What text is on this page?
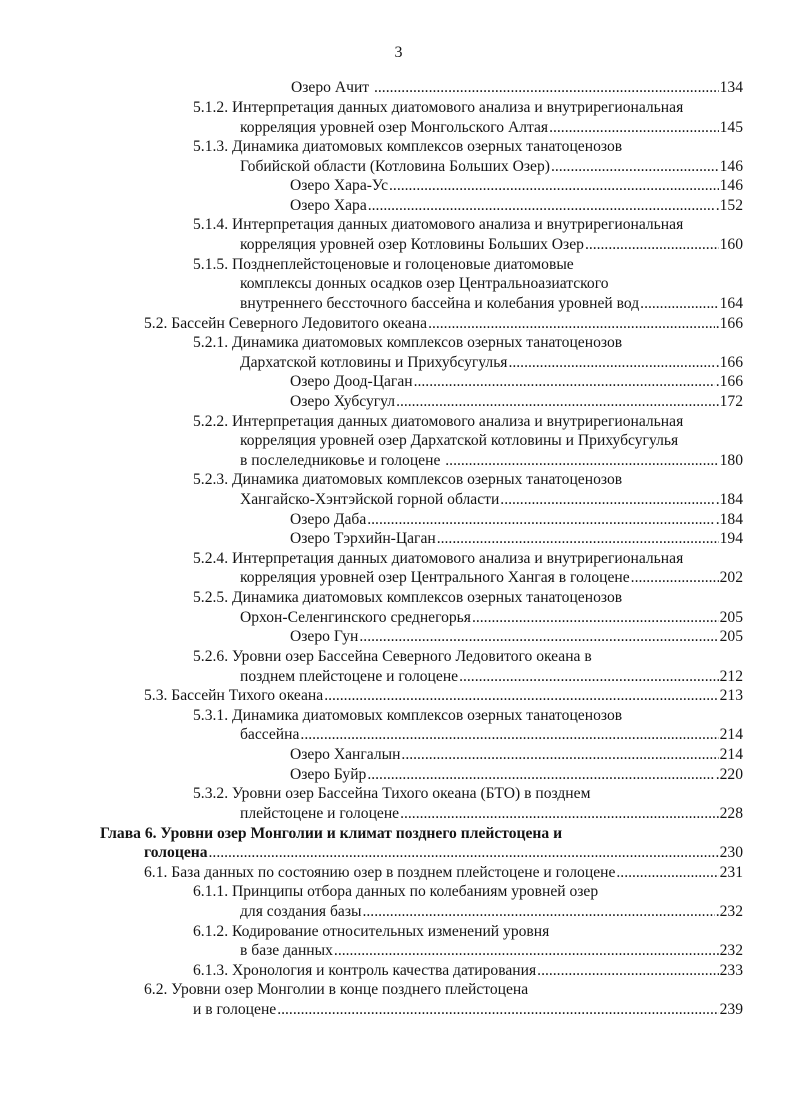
3
Озеро Ачит	134
.....
5.1.2. Интерпретация данных диатомового анализа и внутрирегиональная
корреляция уровней озер Монгольского Алтая	145
.....
5.1.3. Динамика диатомовых комплексов озерных танатоценозов
Гобийской области (Котловина Больших Озер)	146
.....
Озеро Хара-Ус	146
.....
Озеро Хара	.152
.....
5.1.4. Интерпретация данных диатомового анализа и внутрирегиональная
корреляция уровней озер Котловины Больших Озер	160
.....
5.1.5. Позднеплейстоценовые и голоценовые диатомовые
комплексы донных осадков озер Центральноазиатского
внутреннего бессточного бассейна и колебания уровней вод	164
.....
5.2. Бассейн Северного Ледовитого океана	.166
.....
5.2.1. Динамика диатомовых комплексов озерных танатоценозов
Дархатской котловины и Прихубсугулья	.166
.....
Озеро Доод-Цаган	.166
.....
Озеро Хубсугул	.172
.....
5.2.2. Интерпретация данных диатомового анализа и внутрирегиональная
корреляция уровней озер Дархатской котловины и Прихубсугулья
в послеледниковье и голоцене	180
.....
5.2.3. Динамика диатомовых комплексов озерных танатоценозов
Хангайско-Хэнтэйской горной области	.184
.....
Озеро Даба	.184
.....
Озеро Тэрхийн-Цаган	194
.....
5.2.4. Интерпретация данных диатомового анализа и внутрирегиональная
корреляция уровней озер Центрального Хангая в голоцене	202
.....
5.2.5. Динамика диатомовых комплексов озерных танатоценозов
Орхон-Селенгинского среднегорья	205
.....
Озеро Гун	205
.....
5.2.6. Уровни озер Бассейна Северного Ледовитого океана в
позднем плейстоцене и голоцене	212
.....
5.3. Бассейн Тихого океана	213
.....
5.3.1. Динамика диатомовых комплексов озерных танатоценозов
бассейна	214
.....
Озеро Хангалын	214
.....
Озеро Буйр	.220
.....
5.3.2. Уровни озер Бассейна Тихого океана (БТО) в позднем
плейстоцене и голоцене	228
.....
Глава 6. Уровни озер Монголии и климат позднего плейстоцена и
голоцена	230
.....
6.1. База данных по состоянию озер в позднем плейстоцене и голоцене	231
.....
6.1.1. Принципы отбора данных по колебаниям уровней озер
для создания базы	.232
.....
6.1.2. Кодирование относительных изменений уровня
в базе данных	232
.....
6.1.3. Хронология и контроль качества датирования	233
.....
6.2. Уровни озер Монголии в конце позднего плейстоцена
и в голоцене	239
.....
